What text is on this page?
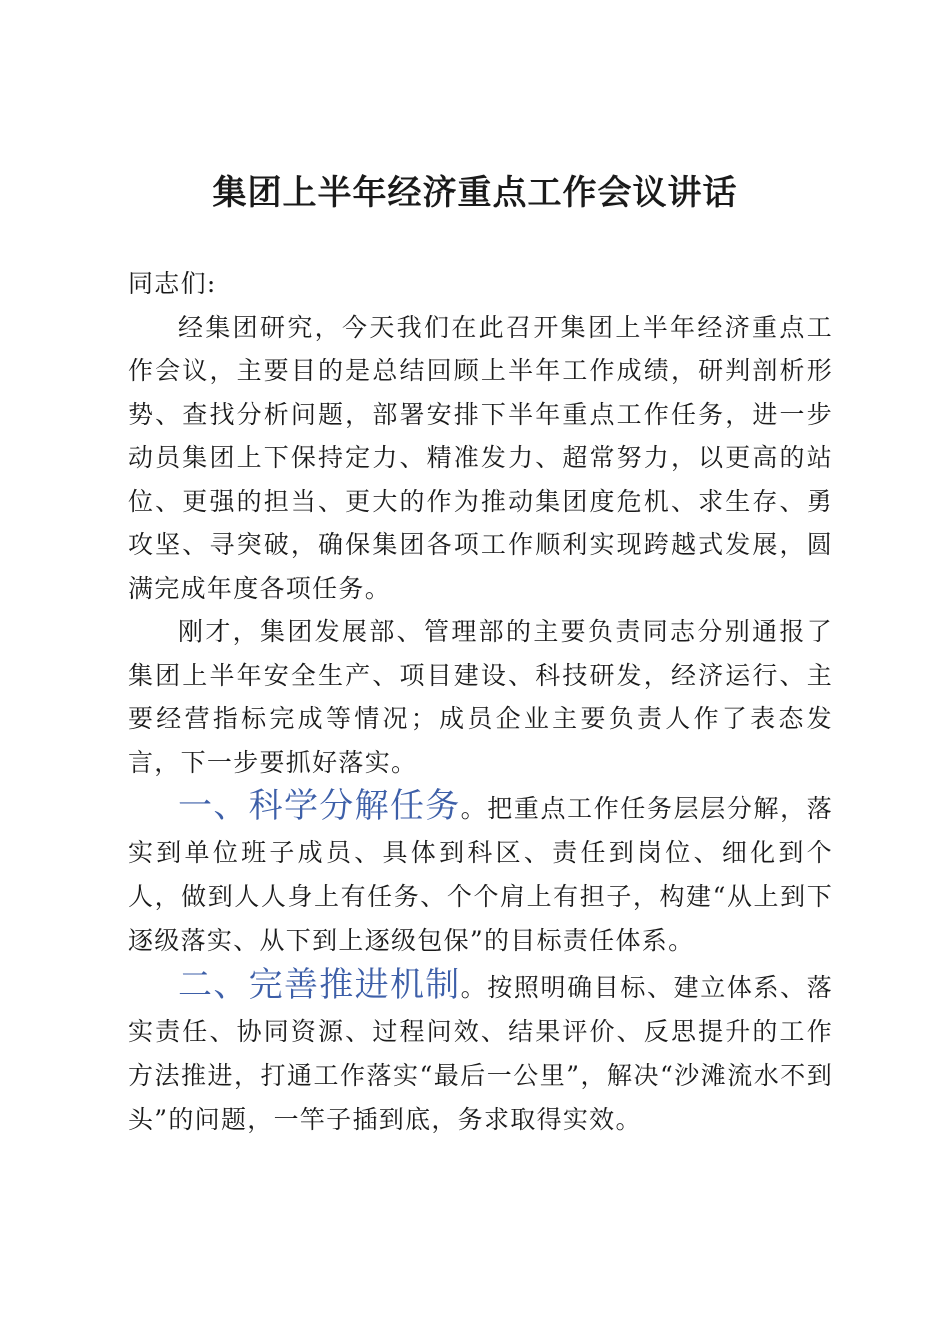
集团上半年经济重点工作会议讲话

同志们:

经集团研究，今天我们在此召开集团上半年经济重点工作会议，主要目的是总结回顾上半年工作成绩，研判剖析形势、查找分析问题，部署安排下半年重点工作任务，进一步动员集团上下保持定力、精准发力、超常努力，以更高的站位、更强的担当、更大的作为推动集团度危机、求生存、勇攻坚、寻突破，确保集团各项工作顺利实现跨越式发展，圆满完成年度各项任务。

刚才，集团发展部、管理部的主要负责同志分别通报了集团上半年安全生产、项目建设、科技研发，经济运行、主要经营指标完成等情况；成员企业主要负责人作了表态发言，下一步要抓好落实。

一、科学分解任务。把重点工作任务层层分解，落实到单位班子成员、具体到科区、责任到岗位、细化到个人，做到人人身上有任务、个个肩上有担子，构建“从上到下逐级落实、从下到上逐级包保”的目标责任体系。

二、完善推进机制。按照明确目标、建立体系、落实责任、协同资源、过程问效、结果评价、反思提升的工作方法推进，打通工作落实“最后一公里”，解决“沙滩流水不到头”的问题，一竿子插到底，务求取得实效。
